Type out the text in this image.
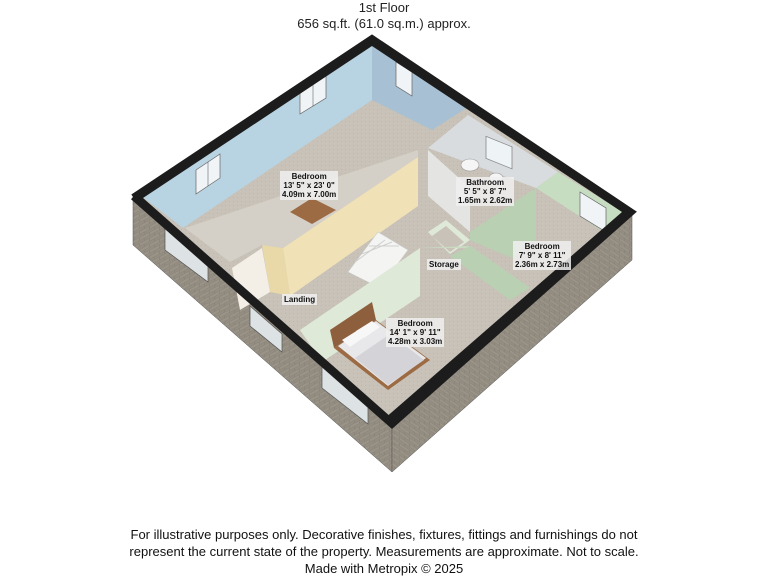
1st Floor
656 sq.ft. (61.0 sq.m.) approx.
Bedroom
13' 5" x 23' 0"
4.09m x 7.00m
Bathroom
5' 5" x 8' 7"
1.65m x 2.62m
Bedroom
7' 9" x 8' 11"
2.36m x 2.73m
Storage
Landing
Bedroom
14' 1" x 9' 11"
4.28m x 3.03m
For illustrative purposes only. Decorative finishes, fixtures, fittings and furnishings do not
represent the current state of the property. Measurements are approximate. Not to scale.
Made with Metropix © 2025
